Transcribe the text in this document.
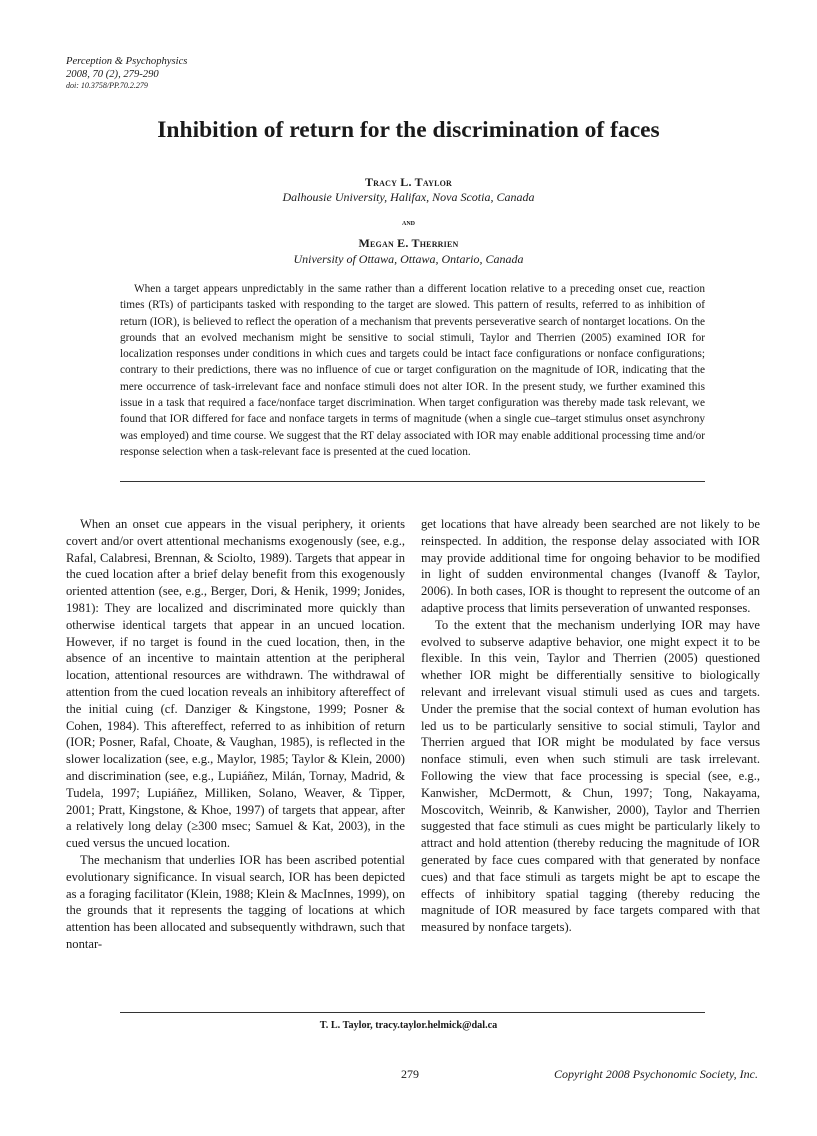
Perception & Psychophysics
2008, 70 (2), 279-290
doi: 10.3758/PP.70.2.279
Inhibition of return for the discrimination of faces
Tracy L. Taylor
Dalhousie University, Halifax, Nova Scotia, Canada
and
Megan E. Therrien
University of Ottawa, Ottawa, Ontario, Canada

When a target appears unpredictably in the same rather than a different location relative to a preceding onset cue, reaction times (RTs) of participants tasked with responding to the target are slowed. This pattern of results, referred to as inhibition of return (IOR), is believed to reflect the operation of a mechanism that prevents perseverative search of nontarget locations. On the grounds that an evolved mechanism might be sensitive to social stimuli, Taylor and Therrien (2005) examined IOR for localization responses under conditions in which cues and targets could be intact face configurations or nonface configurations; contrary to their predictions, there was no influence of cue or target configuration on the magnitude of IOR, indicating that the mere occurrence of task-irrelevant face and nonface stimuli does not alter IOR. In the present study, we further examined this issue in a task that required a face/nonface target discrimination. When target configuration was thereby made task relevant, we found that IOR differed for face and nonface targets in terms of magnitude (when a single cue–target stimulus onset asynchrony was employed) and time course. We suggest that the RT delay associated with IOR may enable additional processing time and/or response selection when a task-relevant face is presented at the cued location.

When an onset cue appears in the visual periphery, it orients covert and/or overt attentional mechanisms exogenously (see, e.g., Rafal, Calabresi, Brennan, & Sciolto, 1989). Targets that appear in the cued location after a brief delay benefit from this exogenously oriented attention (see, e.g., Berger, Dori, & Henik, 1999; Jonides, 1981): They are localized and discriminated more quickly than otherwise identical targets that appear in an uncued location. However, if no target is found in the cued location, then, in the absence of an incentive to maintain attention at the peripheral location, attentional resources are withdrawn. The withdrawal of attention from the cued location reveals an inhibitory aftereffect of the initial cuing (cf. Danziger & Kingstone, 1999; Posner & Cohen, 1984). This aftereffect, referred to as inhibition of return (IOR; Posner, Rafal, Choate, & Vaughan, 1985), is reflected in the slower localization (see, e.g., Maylor, 1985; Taylor & Klein, 2000) and discrimination (see, e.g., Lupiáñez, Milán, Tornay, Madrid, & Tudela, 1997; Lupiáñez, Milliken, Solano, Weaver, & Tipper, 2001; Pratt, Kingstone, & Khoe, 1997) of targets that appear, after a relatively long delay (≥300 msec; Samuel & Kat, 2003), in the cued versus the uncued location.

The mechanism that underlies IOR has been ascribed potential evolutionary significance. In visual search, IOR has been depicted as a foraging facilitator (Klein, 1988; Klein & MacInnes, 1999), on the grounds that it represents the tagging of locations at which attention has been allocated and subsequently withdrawn, such that nontar-

get locations that have already been searched are not likely to be reinspected. In addition, the response delay associated with IOR may provide additional time for ongoing behavior to be modified in light of sudden environmental changes (Ivanoff & Taylor, 2006). In both cases, IOR is thought to represent the outcome of an adaptive process that limits perseveration of unwanted responses.

To the extent that the mechanism underlying IOR may have evolved to subserve adaptive behavior, one might expect it to be flexible. In this vein, Taylor and Therrien (2005) questioned whether IOR might be differentially sensitive to biologically relevant and irrelevant visual stimuli used as cues and targets. Under the premise that the social context of human evolution has led us to be particularly sensitive to social stimuli, Taylor and Therrien argued that IOR might be modulated by face versus nonface stimuli, even when such stimuli are task irrelevant. Following the view that face processing is special (see, e.g., Kanwisher, McDermott, & Chun, 1997; Tong, Nakayama, Moscovitch, Weinrib, & Kanwisher, 2000), Taylor and Therrien suggested that face stimuli as cues might be particularly likely to attract and hold attention (thereby reducing the magnitude of IOR generated by face cues compared with that generated by nonface cues) and that face stimuli as targets might be apt to escape the effects of inhibitory spatial tagging (thereby reducing the magnitude of IOR measured by face targets compared with that measured by nonface targets).

T. L. Taylor, tracy.taylor.helmick@dal.ca
279	Copyright 2008 Psychonomic Society, Inc.
